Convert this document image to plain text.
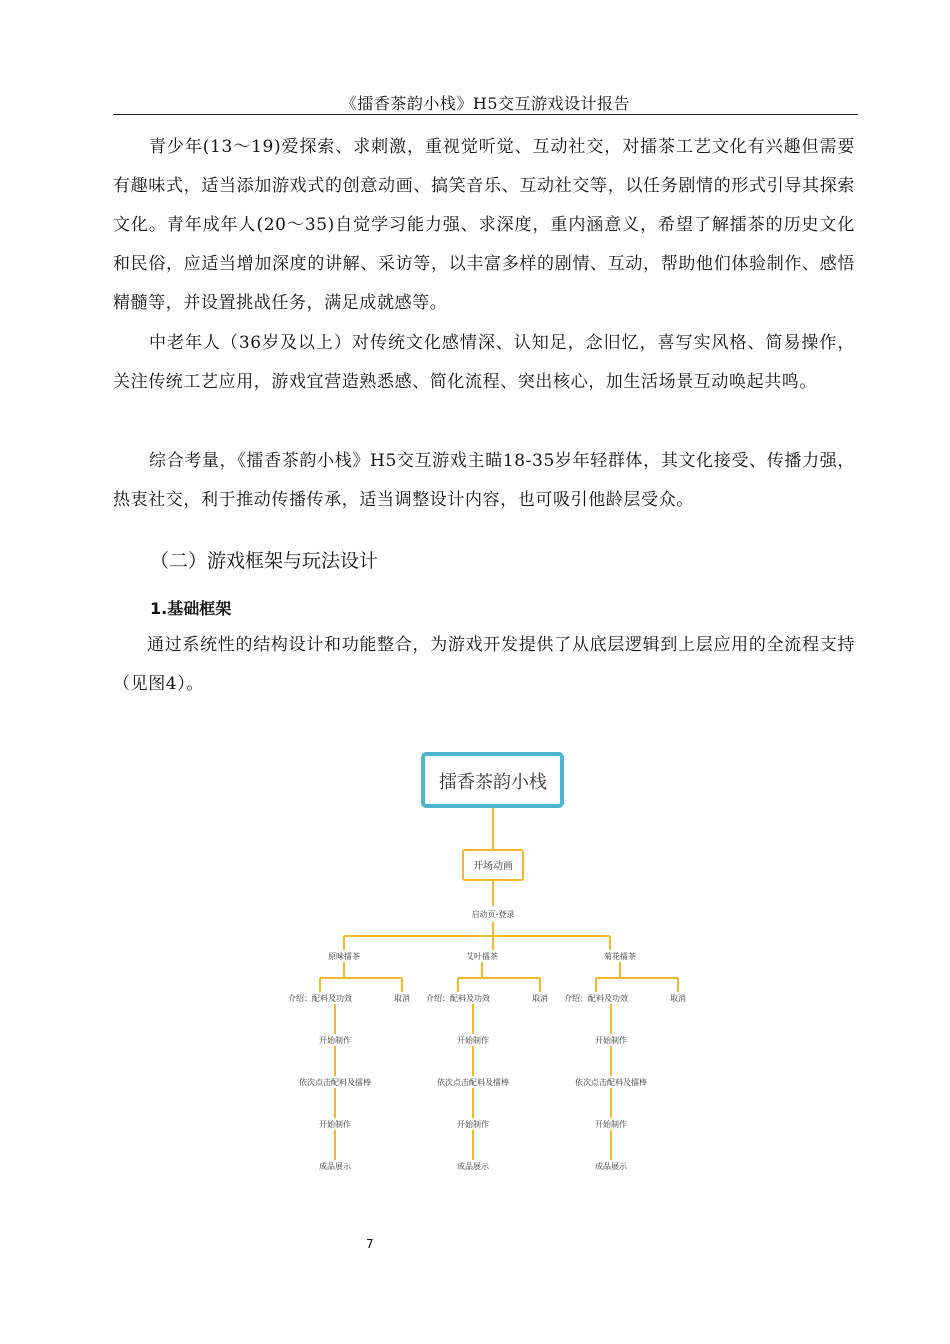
《擂香茶韵小栈》H5交互游戏设计报告

青少年(13～19)爱探索、求刺激，重视觉听觉、互动社交，对擂茶工艺文化有兴趣但需要有趣味式，适当添加游戏式的创意动画、搞笑音乐、互动社交等，以任务剧情的形式引导其探索文化。青年成年人(20～35)自觉学习能力强、求深度，重内涵意义，希望了解擂茶的历史文化和民俗，应适当增加深度的讲解、采访等，以丰富多样的剧情、互动，帮助他们体验制作、感悟精髓等，并设置挑战任务，满足成就感等。

中老年人（36岁及以上）对传统文化感情深、认知足，念旧忆，喜写实风格、简易操作，关注传统工艺应用，游戏宜营造熟悉感、简化流程、突出核心，加生活场景互动唤起共鸣。

综合考量，《擂香茶韵小栈》H5交互游戏主瞄18-35岁年轻群体，其文化接受、传播力强，热衷社交，利于推动传播传承，适当调整设计内容，也可吸引他龄层受众。

（二）游戏框架与玩法设计
1.基础框架

通过系统性的结构设计和功能整合，为游戏开发提供了从底层逻辑到上层应用的全流程支持（见图4）。

擂香茶韵小栈
开场动画
启动页-登录
原味擂茶
介绍：配料及功效	取消
开始制作
依次点击配料及擂棒
开始制作
成品展示
艾叶擂茶
介绍：配料及功效	取消
开始制作
依次点击配料及擂棒
开始制作
成品展示
菊花擂茶
介绍：配料及功效	取消
开始制作
依次点击配料及擂棒
开始制作
成品展示
7
